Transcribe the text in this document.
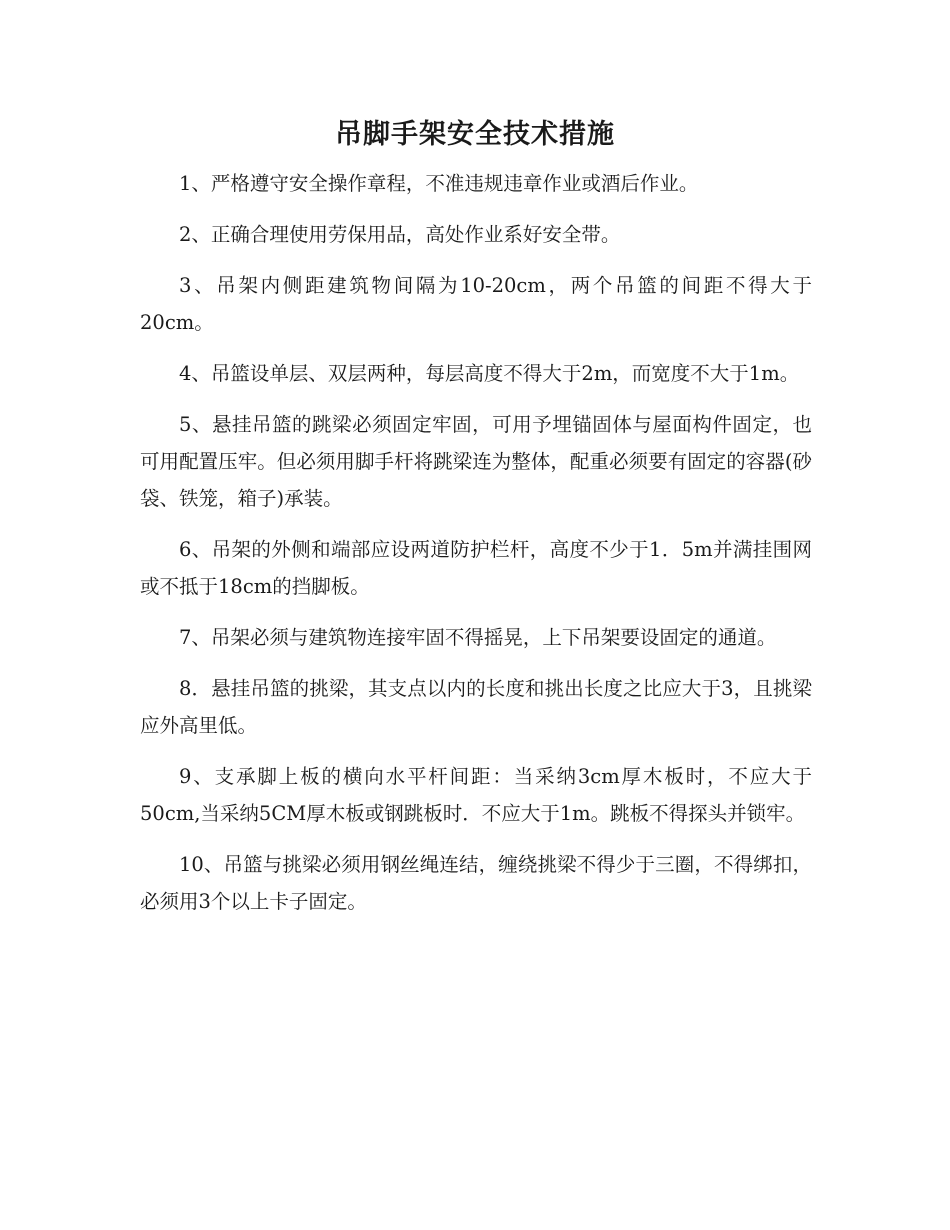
吊脚手架安全技术措施

1、严格遵守安全操作章程，不准违规违章作业或酒后作业。

2、正确合理使用劳保用品，高处作业系好安全带。

3、吊架内侧距建筑物间隔为10-20cm，两个吊篮的间距不得大于20cm。

4、吊篮设单层、双层两种，每层高度不得大于2m，而宽度不大于1m。

5、悬挂吊篮的跳梁必须固定牢固，可用予埋锚固体与屋面构件固定，也可用配置压牢。但必须用脚手杆将跳梁连为整体，配重必须要有固定的容器(砂袋、铁笼，箱子)承装。

6、吊架的外侧和端部应设两道防护栏杆，高度不少于1．5m并满挂围网或不抵于18cm的挡脚板。

7、吊架必须与建筑物连接牢固不得摇晃，上下吊架要设固定的通道。

8．悬挂吊篮的挑梁，其支点以内的长度和挑出长度之比应大于3，且挑梁应外高里低。

9、支承脚上板的横向水平杆间距：当采纳3cm厚木板时，不应大于50cm,当采纳5CM厚木板或钢跳板时．不应大于1m。跳板不得探头并锁牢。

10、吊篮与挑梁必须用钢丝绳连结，缠绕挑梁不得少于三圈，不得绑扣，必须用3个以上卡子固定。
